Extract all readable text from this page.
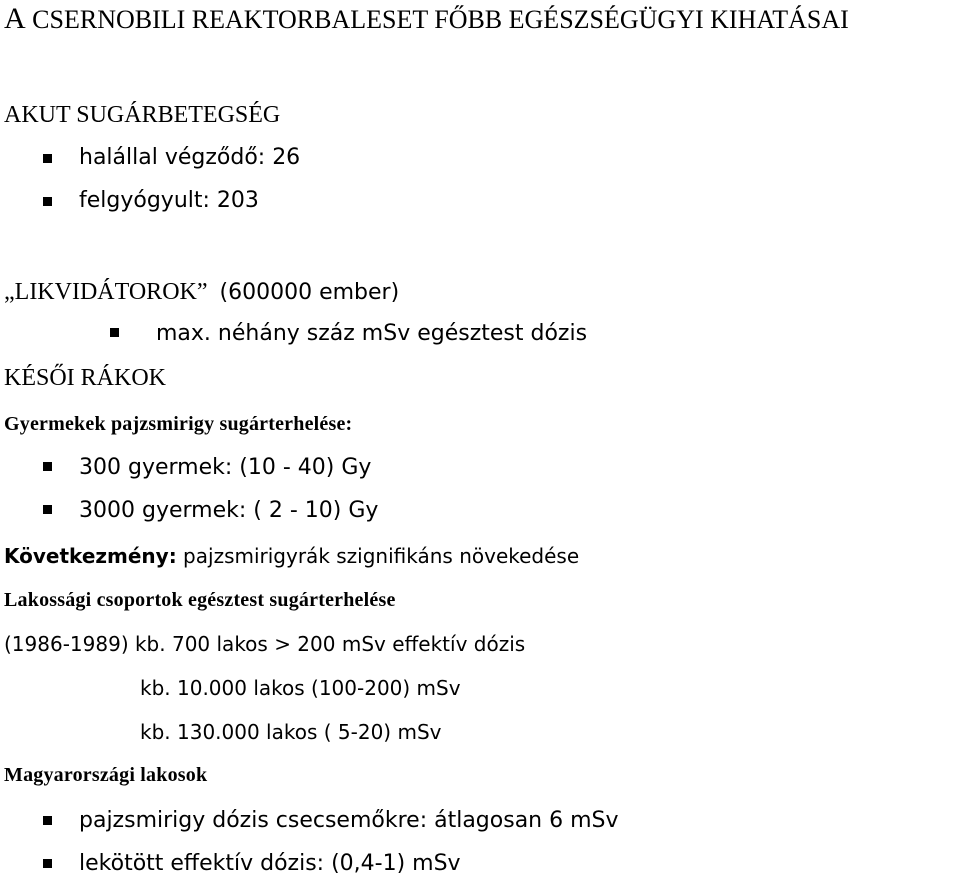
A CSERNOBILI REAKTORBALESET FŐBB EGÉSZSÉGÜGYI KIHATÁSAI
AKUT SUGÁRBETEGSÉG
halállal végződő: 26
felgyógyult: 203
„LIKVIDÁTOROK” (600000 ember)
max. néhány száz mSv egésztest dózis
KÉSŐI RÁKOK
Gyermekek pajzsmirigy sugárterhelése:
300 gyermek: (10 - 40) Gy
3000 gyermek: ( 2 - 10) Gy
Következmény: pajzsmirigyrák szignifikáns növekedése
Lakossági csoportok egésztest sugárterhelése
(1986-1989) kb. 700 lakos > 200 mSv effektív dózis
kb. 10.000 lakos (100-200) mSv
kb. 130.000 lakos ( 5-20) mSv
Magyarországi lakosok
pajzsmirigy dózis csecsemőkre: átlagosan 6 mSv
lekötött effektív dózis: (0,4-1) mSv
